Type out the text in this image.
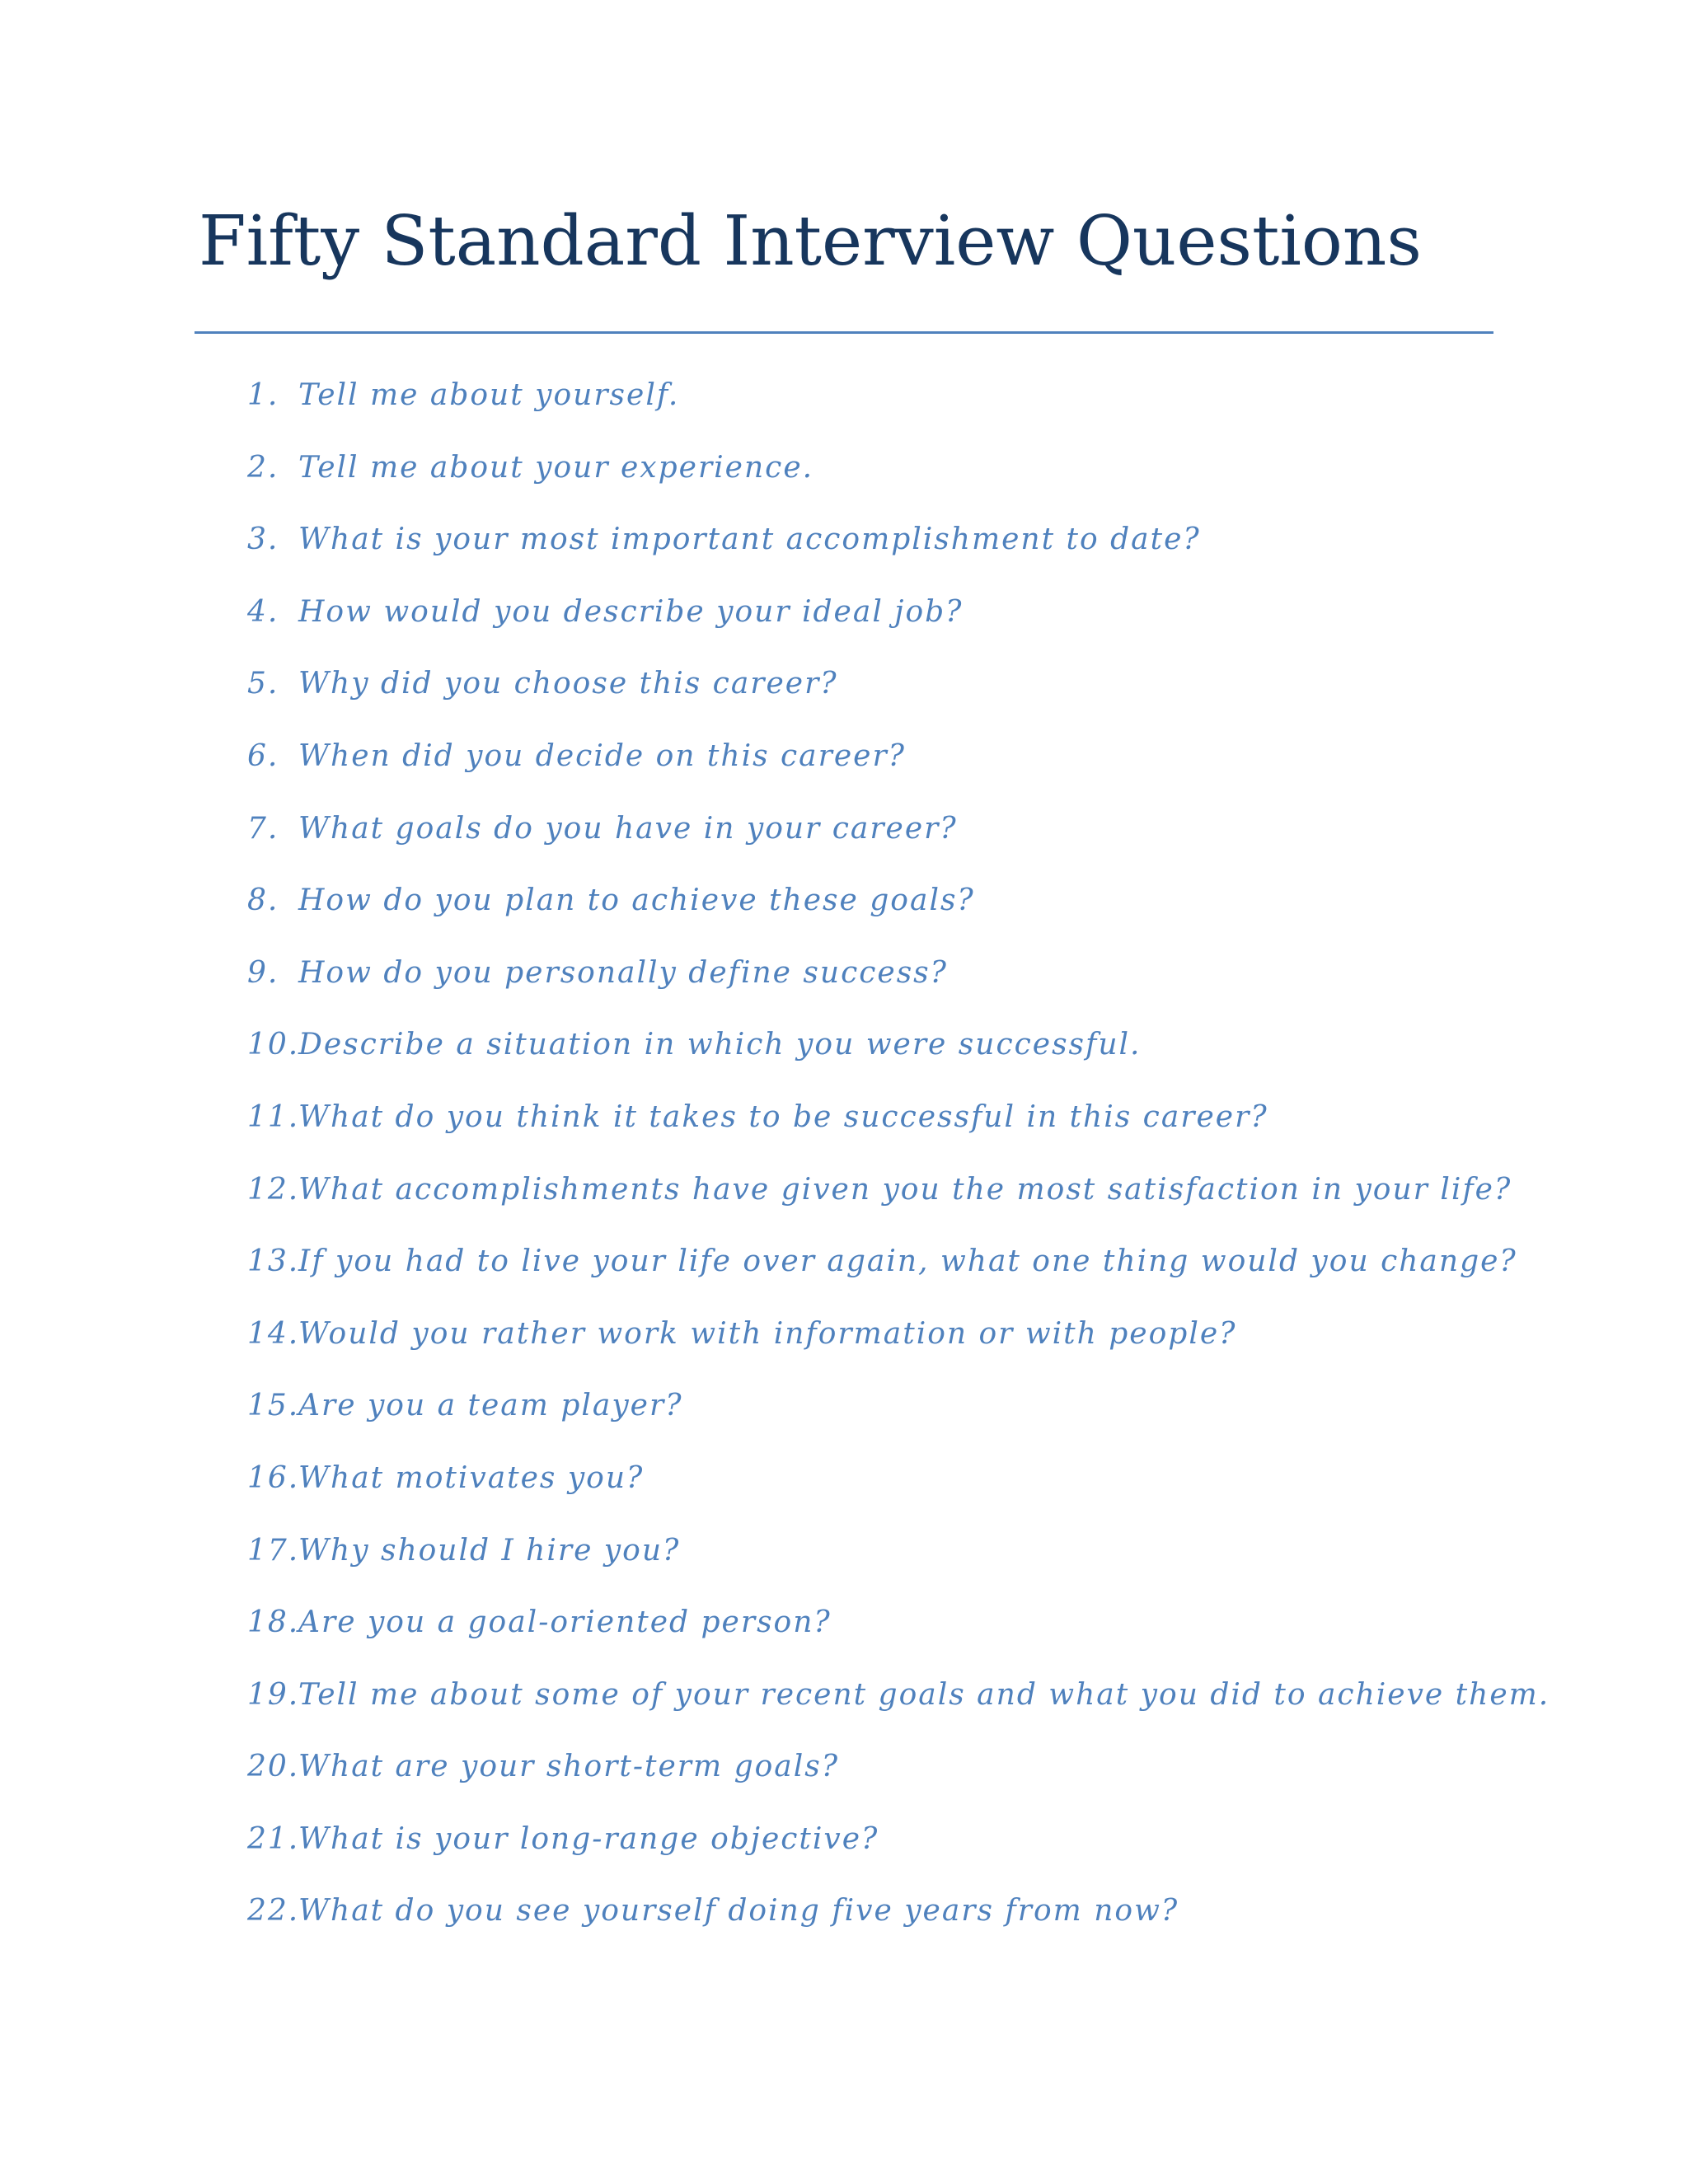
Fifty Standard Interview Questions
1. Tell me about yourself.
2. Tell me about your experience.
3. What is your most important accomplishment to date?
4. How would you describe your ideal job?
5. Why did you choose this career?
6. When did you decide on this career?
7. What goals do you have in your career?
8. How do you plan to achieve these goals?
9. How do you personally define success?
10.
Describe a situation in which you were successful.
11.
What do you think it takes to be successful in this career?
12.
What accomplishments have given you the most satisfaction in your life?
13.
If you had to live your life over again, what one thing would you change?
14.
Would you rather work with information or with people?
15.
Are you a team player?
16.
What motivates you?
17.
Why should I hire you?
18.
Are you a goal-oriented person?
19.
Tell me about some of your recent goals and what you did to achieve them.
20.
What are your short-term goals?
21.
What is your long-range objective?
22.
What do you see yourself doing five years from now?
